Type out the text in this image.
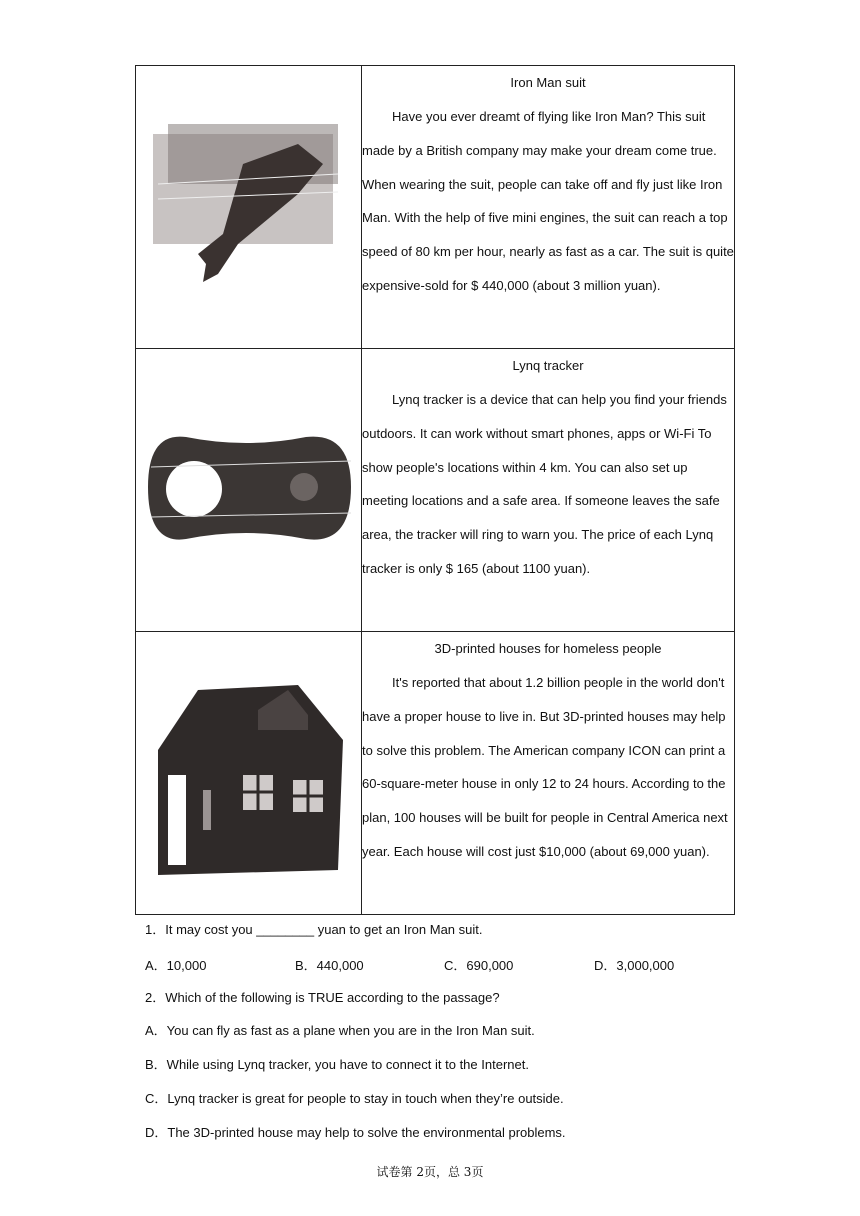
Iron Man suit
Have you ever dreamt of flying like Iron Man? This suit made by a British company may make your dream come true. When wearing the suit, people can take off and fly just like Iron Man. With the help of five mini engines, the suit can reach a top speed of 80 km per hour, nearly as fast as a car. The suit is quite expensive-sold for $ 440,000 (about 3 million yuan).

Lynq tracker
Lynq tracker is a device that can help you find your friends outdoors. It can work without smart phones, apps or Wi-Fi To show people's locations within 4 km. You can also set up meeting locations and a safe area. If someone leaves the safe area, the tracker will ring to warn you. The price of each Lynq tracker is only $ 165 (about 1100 yuan).

3D-printed houses for homeless people
It's reported that about 1.2 billion people in the world don't have a proper house to live in. But 3D-printed houses may help to solve this problem. The American company ICON can print a 60-square-meter house in only 12 to 24 hours. According to the plan, 100 houses will be built for people in Central America next year. Each house will cost just $10,000 (about 69,000 yuan).
1．It may cost you ________ yuan to get an Iron Man suit.
A．10,000	B．440,000	C．690,000	D．3,000,000
2．Which of the following is TRUE according to the passage?
A．You can fly as fast as a plane when you are in the Iron Man suit.
B．While using Lynq tracker, you have to connect it to the Internet.
C．Lynq tracker is great for people to stay in touch when they’re outside.
D．The 3D-printed house may help to solve the environmental problems.
试卷第 2页，总 3页
